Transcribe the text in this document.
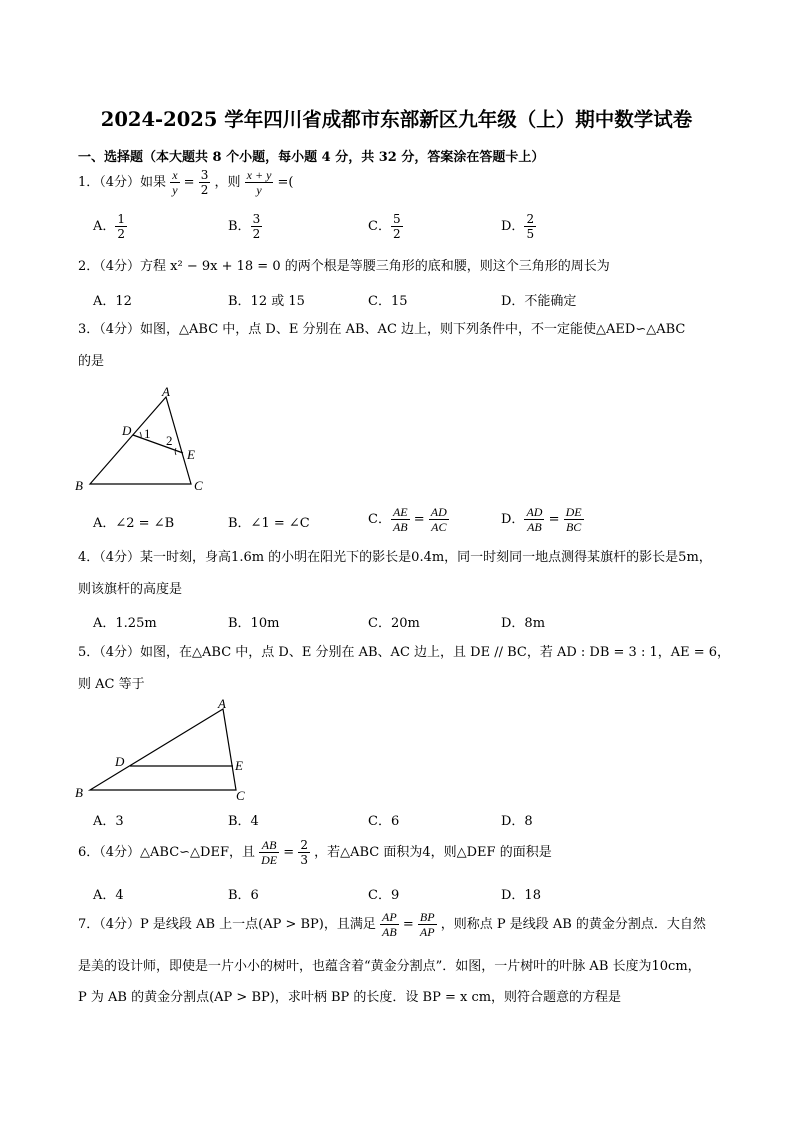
2024-2025 学年四川省成都市东部新区九年级（上）期中数学试卷
一、选择题（本大题共 8 个小题，每小题 4 分，共 32 分，答案涂在答题卡上）
1．（4分）如果 $\frac{x}{y} = \frac{3}{2}$ ，则 $\frac{x + y}{y}$ =(
A． $\frac{1}{2}$	B． $\frac{3}{2}$	C． $\frac{5}{2}$	D． $\frac{2}{5}$
2．（4分）方程 x² − 9x + 18 = 0 的两个根是等腰三角形的底和腰，则这个三角形的周长为
A．12	B．12 或 15	C．15	D．不能确定
3．（4分）如图，△ABC 中，点 D、E 分别在 AB、AC 边上，则下列条件中，不一定能使△AED∽△ABC
的是
A
D
E
B	C
1 2
A．∠2 = ∠B	B．∠1 = ∠C	C． $\frac{AE}{AB} = \frac{AD}{AC}$	D． $\frac{AD}{AB} = \frac{DE}{BC}$
4．（4分）某一时刻，身高1.6m 的小明在阳光下的影长是0.4m，同一时刻同一地点测得某旗杆的影长是5m，
则该旗杆的高度是
A．1.25m	B．10m	C．20m	D．8m
5．（4分）如图，在△ABC 中，点 D、E 分别在 AB、AC 边上，且 DE // BC，若 AD : DB = 3 : 1，AE = 6，
则 AC 等于
A
D	E
B	C
A．3	B．4	C．6	D．8
6．（4分）△ABC∽△DEF，且 $\frac{AB}{DE} = \frac{2}{3}$ ，若△ABC 面积为4，则△DEF 的面积是
A．4	B．6	C．9	D．18
7．（4分）P 是线段 AB 上一点(AP > BP)，且满足 $\frac{AP}{AB} = \frac{BP}{AP}$ ，则称点 P 是线段 AB 的黄金分割点．大自然
是美的设计师，即使是一片小小的树叶，也蕴含着“黄金分割点”．如图，一片树叶的叶脉 AB 长度为10cm，
P 为 AB 的黄金分割点(AP > BP)，求叶柄 BP 的长度．设 BP = x cm，则符合题意的方程是
